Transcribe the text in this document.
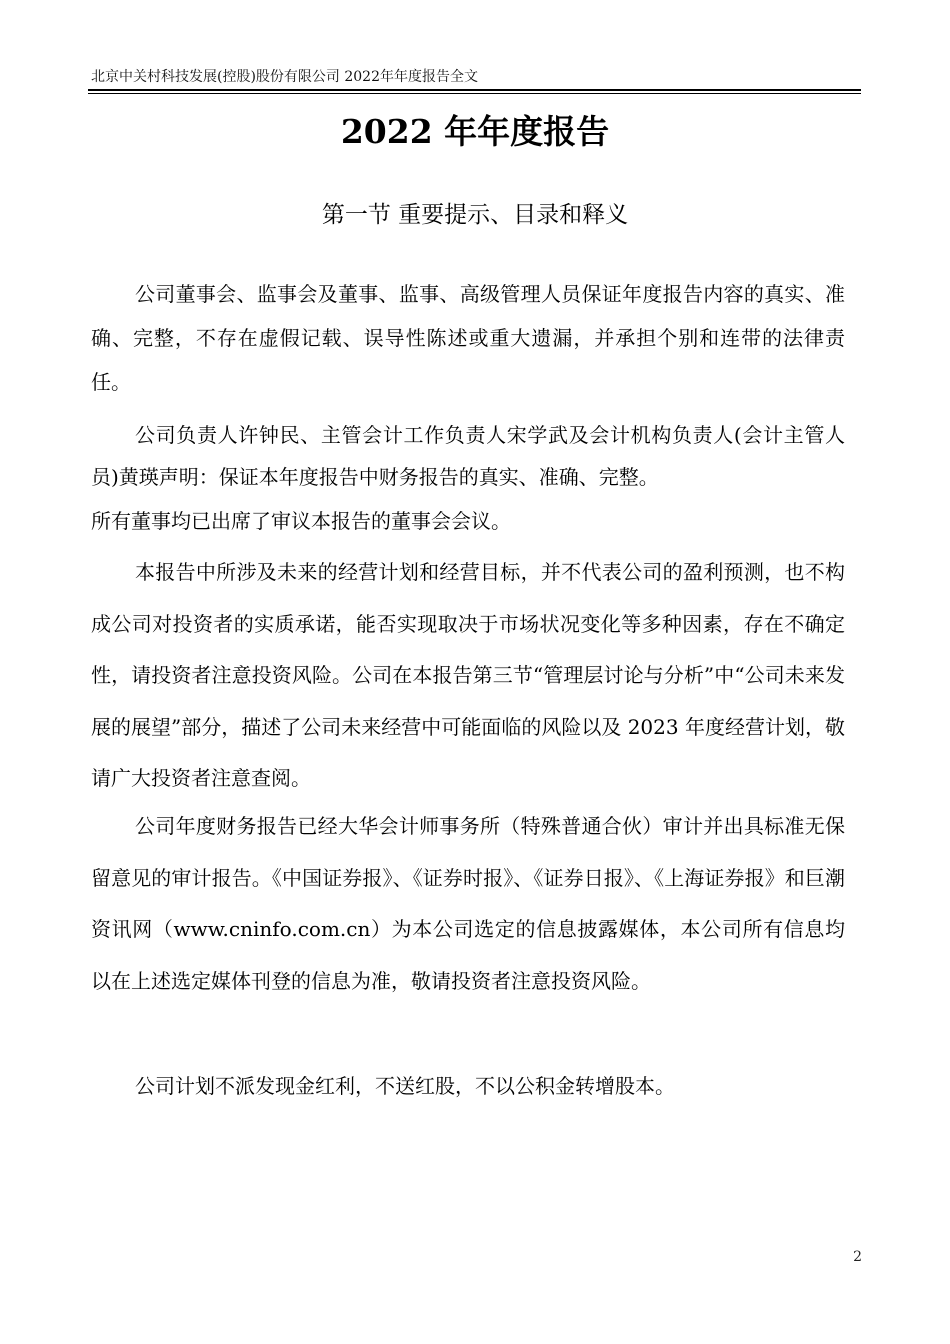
北京中关村科技发展(控股)股份有限公司 2022年年度报告全文
2022 年年度报告
第一节 重要提示、目录和释义

公司董事会、监事会及董事、监事、高级管理人员保证年度报告内容的真实、准确、完整，不存在虚假记载、误导性陈述或重大遗漏，并承担个别和连带的法律责任。

公司负责人许钟民、主管会计工作负责人宋学武及会计机构负责人(会计主管人员)黄瑛声明：保证本年度报告中财务报告的真实、准确、完整。

所有董事均已出席了审议本报告的董事会会议。

本报告中所涉及未来的经营计划和经营目标，并不代表公司的盈利预测，也不构成公司对投资者的实质承诺，能否实现取决于市场状况变化等多种因素，存在不确定性，请投资者注意投资风险。公司在本报告第三节“管理层讨论与分析”中“公司未来发展的展望”部分，描述了公司未来经营中可能面临的风险以及 2023 年度经营计划，敬请广大投资者注意查阅。

公司年度财务报告已经大华会计师事务所（特殊普通合伙）审计并出具标准无保留意见的审计报告。《中国证券报》、《证券时报》、《证券日报》、《上海证券报》和巨潮资讯网（www.cninfo.com.cn）为本公司选定的信息披露媒体，本公司所有信息均以在上述选定媒体刊登的信息为准，敬请投资者注意投资风险。

公司计划不派发现金红利，不送红股，不以公积金转增股本。

2
